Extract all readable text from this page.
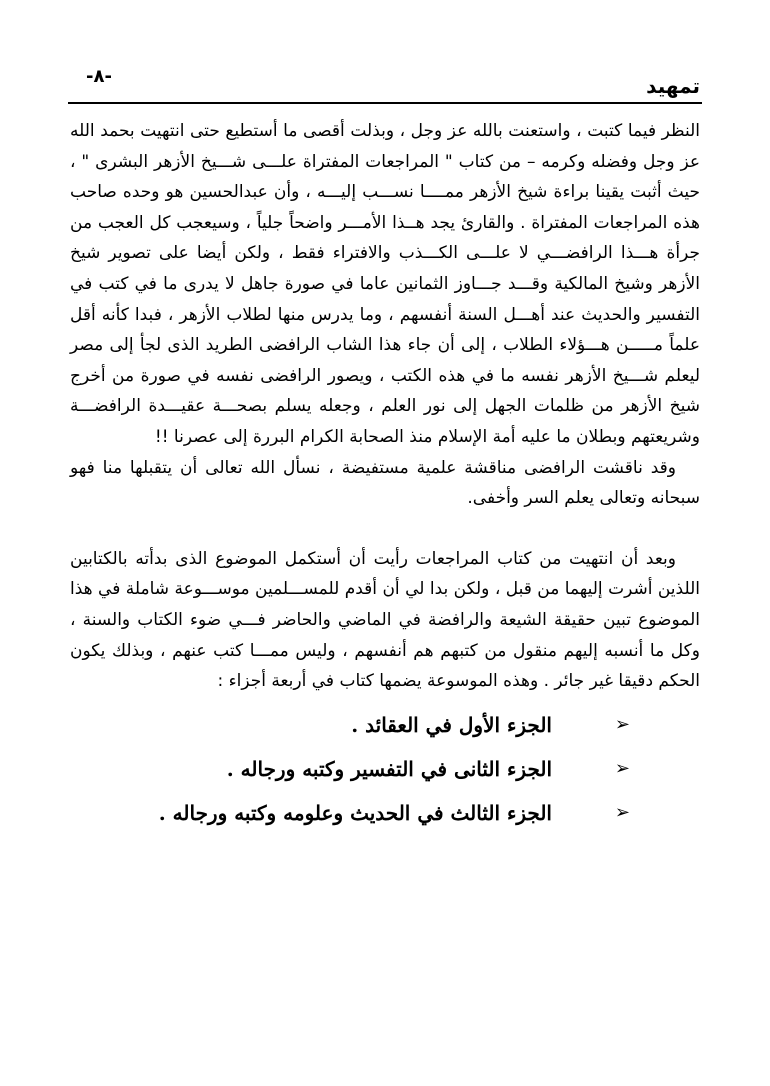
-٨-	تمهيد

النظر فيما كتبت ، واستعنت بالله عز وجل ، وبذلت أقصى ما أستطيع حتى انتهيت بحمد الله عز وجل وفضله وكرمه – من كتاب " المراجعات المفتراة علـــى شـــيخ الأزهر البشرى " ، حيث أثبت يقينا براءة شيخ الأزهر ممــــا نســـب إليـــه ، وأن عبدالحسين هو وحده صاحب هذه المراجعات المفتراة . والقارئ يجد هــذا الأمـــر واضحاً جلياً ، وسيعجب كل العجب من جرأة هـــذا الرافضـــي لا علـــى الكـــذب والافتراء فقط ، ولكن أيضا على تصوير شيخ الأزهر وشيخ المالكية وقـــد جـــاوز الثمانين عاما في صورة جاهل لا يدرى ما في كتب في التفسير والحديث عند أهـــل السنة أنفسهم ، وما يدرس منها لطلاب الأزهر ، فبدا كأنه أقل علماً مـــــن هـــؤلاء الطلاب ، إلى أن جاء هذا الشاب الرافضى الطريد الذى لجأ إلى مصر ليعلم شـــيخ الأزهر نفسه ما في هذه الكتب ، ويصور الرافضى نفسه في صورة من أخرج شيخ الأزهر من ظلمات الجهل إلى نور العلم ، وجعله يسلم بصحـــة عقيـــدة الرافضـــة وشريعتهم وبطلان ما عليه أمة الإسلام منذ الصحابة الكرام البررة إلى عصرنا !!

وقد ناقشت الرافضى مناقشة علمية مستفيضة ، نسأل الله تعالى أن يتقبلها منا فهو سبحانه وتعالى يعلم السر وأخفى.

وبعد أن انتهيت من كتاب المراجعات رأيت أن أستكمل الموضوع الذى بدأته بالكتابين اللذين أشرت إليهما من قبل ، ولكن بدا لي أن أقدم للمســـلمين موســـوعة شاملة في هذا الموضوع تبين حقيقة الشيعة والرافضة في الماضي والحاضر فـــي ضوء الكتاب والسنة ، وكل ما أنسبه إليهم منقول من كتبهم هم أنفسهم ، وليس ممـــا كتب عنهم ، وبذلك يكون الحكم دقيقا غير جائر . وهذه الموسوعة يضمها كتاب في أربعة أجزاء :

➢
الجزء الأول في العقائد .
➢
الجزء الثانى في التفسير وكتبه ورجاله .
➢
الجزء الثالث في الحديث وعلومه وكتبه ورجاله .
